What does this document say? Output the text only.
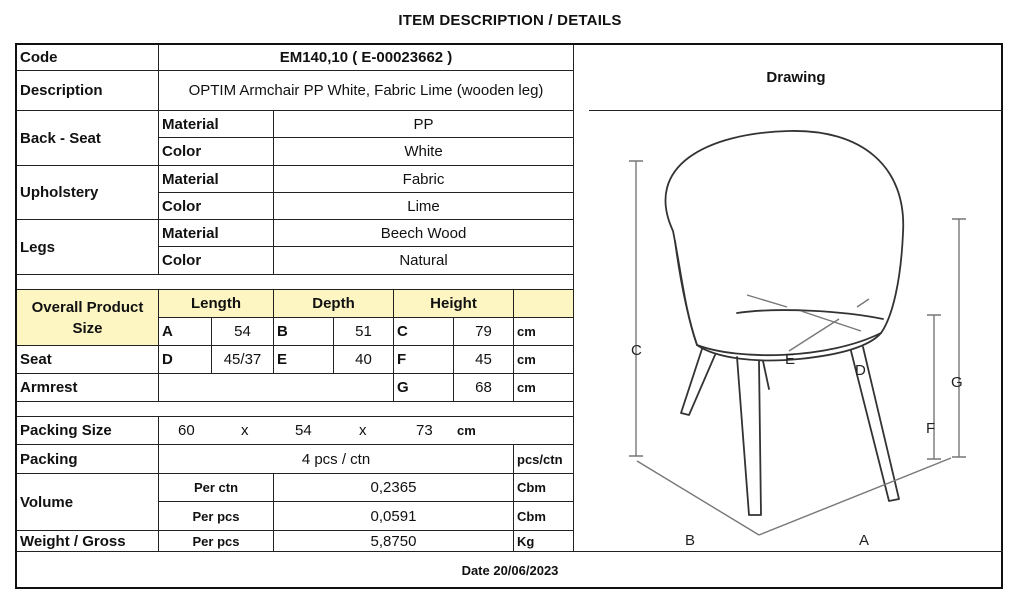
ITEM DESCRIPTION / DETAILS
Code	EM140,10 ( E-00023662 )
Description	OPTIM Armchair PP White, Fabric Lime (wooden leg)
Back - Seat
Material	PP
Color	White
Upholstery
Material	Fabric
Color	Lime
Legs
Material	Beech Wood
Color	Natural
Overall Product
Size
Length	Depth	Height
A	54	B	51	C	79	cm
Seat	D	45/37	E	40	F	45	cm
Armrest	G	68	cm
Packing Size	60	x	54	x	73 cm
Packing	4 pcs / ctn	pcs/ctn
Volume
Per ctn	0,2365	Cbm
Per pcs	0,0591	Cbm
Weight / Gross	Per pcs	5,8750	Kg
Drawing
C
G
F
E
D
B	A
Date 20/06/2023
